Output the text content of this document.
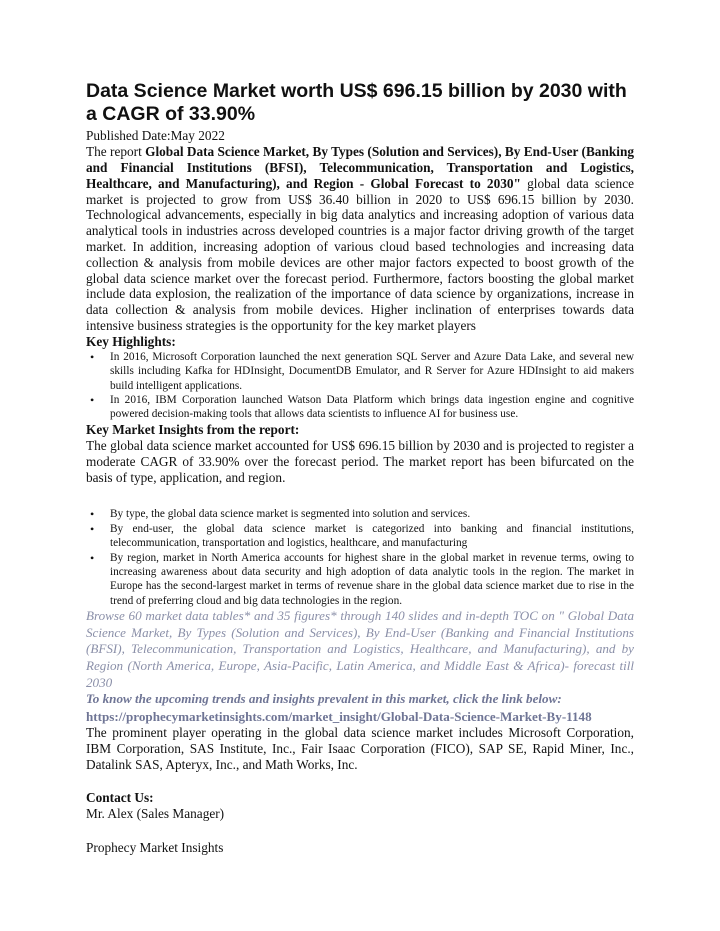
Data Science Market worth US$ 696.15 billion by 2030 with a CAGR of 33.90%

Published Date:May 2022

The report Global Data Science Market, By Types (Solution and Services), By End-User (Banking and Financial Institutions (BFSI), Telecommunication, Transportation and Logistics, Healthcare, and Manufacturing), and Region - Global Forecast to 2030" global data science market is projected to grow from US$ 36.40 billion in 2020 to US$ 696.15 billion by 2030. Technological advancements, especially in big data analytics and increasing adoption of various data analytical tools in industries across developed countries is a major factor driving growth of the target market. In addition, increasing adoption of various cloud based technologies and increasing data collection & analysis from mobile devices are other major factors expected to boost growth of the global data science market over the forecast period. Furthermore, factors boosting the global market include data explosion, the realization of the importance of data science by organizations, increase in data collection & analysis from mobile devices. Higher inclination of enterprises towards data intensive business strategies is the opportunity for the key market players

Key Highlights:

• In 2016, Microsoft Corporation launched the next generation SQL Server and Azure Data Lake, and several new skills including Kafka for HDInsight, DocumentDB Emulator, and R Server for Azure HDInsight to aid makers build intelligent applications.
• In 2016, IBM Corporation launched Watson Data Platform which brings data ingestion engine and cognitive powered decision-making tools that allows data scientists to influence AI for business use.

Key Market Insights from the report:

The global data science market accounted for US$ 696.15 billion by 2030 and is projected to register a moderate CAGR of 33.90% over the forecast period. The market report has been bifurcated on the basis of type, application, and region.

• By type, the global data science market is segmented into solution and services.
• By end-user, the global data science market is categorized into banking and financial institutions, telecommunication, transportation and logistics, healthcare, and manufacturing
• By region, market in North America accounts for highest share in the global market in revenue terms, owing to increasing awareness about data security and high adoption of data analytic tools in the region. The market in Europe has the second-largest market in terms of revenue share in the global data science market due to rise in the trend of preferring cloud and big data technologies in the region.

Browse 60 market data tables* and 35 figures* through 140 slides and in-depth TOC on " Global Data Science Market, By Types (Solution and Services), By End-User (Banking and Financial Institutions (BFSI), Telecommunication, Transportation and Logistics, Healthcare, and Manufacturing), and by Region (North America, Europe, Asia-Pacific, Latin America, and Middle East & Africa)- forecast till 2030

To know the upcoming trends and insights prevalent in this market, click the link below:

https://prophecymarketinsights.com/market_insight/Global-Data-Science-Market-By-1148

The prominent player operating in the global data science market includes Microsoft Corporation, IBM Corporation, SAS Institute, Inc., Fair Isaac Corporation (FICO), SAP SE, Rapid Miner, Inc., Datalink SAS, Apteryx, Inc., and Math Works, Inc.

Contact Us:

Mr. Alex (Sales Manager)

Prophecy Market Insights
